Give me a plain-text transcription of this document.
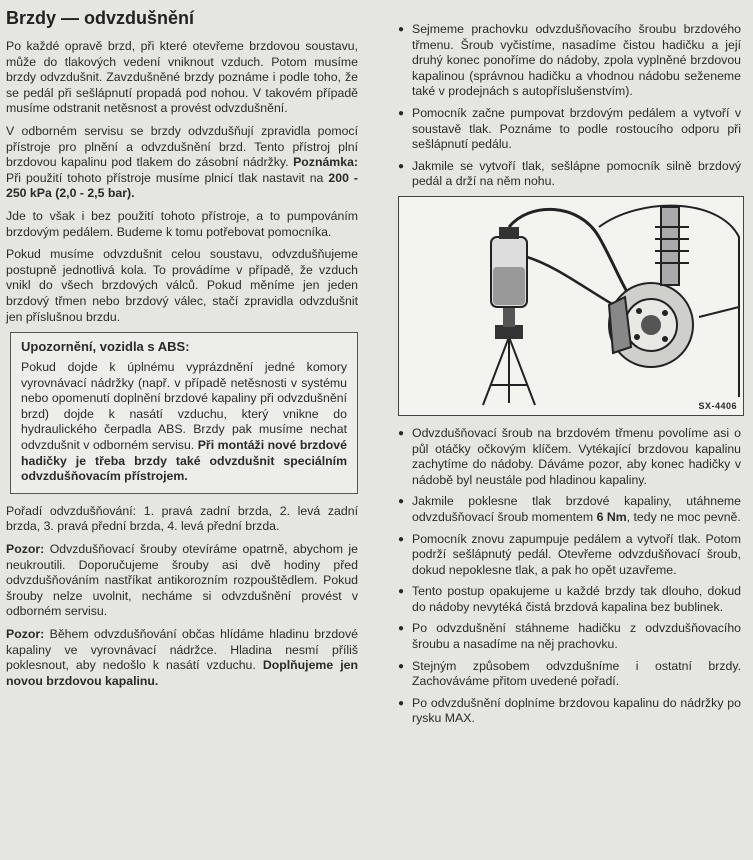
Brzdy — odvzdušnění

Po každé opravě brzd, při které otevřeme brzdovou soustavu, může do tlakových vedení vniknout vzduch. Potom musíme brzdy odvzdušnit. Zavzdušněné brzdy poznáme i podle toho, že se pedál při sešlápnutí propadá pod nohou. V takovém případě musíme odstranit netěsnost a provést odvzdušnění.

V odborném servisu se brzdy odvzdušňují zpravidla pomocí přístroje pro plnění a odvzdušnění brzd. Tento přístroj plní brzdovou kapalinu pod tlakem do zásobní nádržky. Poznámka: Při použití tohoto přístroje musíme plnicí tlak nastavit na 200 - 250 kPa (2,0 - 2,5 bar).

Jde to však i bez použití tohoto přístroje, a to pumpováním brzdovým pedálem. Budeme k tomu potřebovat pomocníka.

Pokud musíme odvzdušnit celou soustavu, odvzdušňujeme postupně jednotlivá kola. To provádíme v případě, že vzduch vnikl do všech brzdových válců. Pokud měníme jen jeden brzdový třmen nebo brzdový válec, stačí zpravidla odvzdušnit jen příslušnou brzdu.

Upozornění, vozidla s ABS:

Pokud dojde k úplnému vyprázdnění jedné komory vyrovnávací nádržky (např. v případě netěsnosti v systému nebo opomenutí doplnění brzdové kapaliny při odvzdušnění brzd) dojde k nasátí vzduchu, který vnikne do hydraulického čerpadla ABS. Brzdy pak musíme nechat odvzdušnit v odborném servisu. Při montáži nové brzdové hadičky je třeba brzdy také odvzdušnit speciálním odvzdušňovacím přístrojem.

Pořadí odvzdušňování: 1. pravá zadní brzda, 2. levá zadní brzda, 3. pravá přední brzda, 4. levá přední brzda.

Pozor: Odvzdušňovací šrouby otevíráme opatrně, abychom je neukroutili. Doporučujeme šrouby asi dvě hodiny před odvzdušňováním nastříkat antikorozním rozpouštědlem. Pokud šrouby nelze uvolnit, necháme si odvzdušnění provést v odborném servisu.

Pozor: Během odvzdušňování občas hlídáme hladinu brzdové kapaliny ve vyrovnávací nádržce. Hladina nesmí příliš poklesnout, aby nedošlo k nasátí vzduchu. Doplňujeme jen novou brzdovou kapalinu.

● Sejmeme prachovku odvzdušňovacího šroubu brzdového třmenu. Šroub vyčistíme, nasadíme čistou hadičku a její druhý konec ponoříme do nádoby, zpola vyplněné brzdovou kapalinou (správnou hadičku a vhodnou nádobu seženeme také v prodejnách s autopříslušenstvím).
● Pomocník začne pumpovat brzdovým pedálem a vytvoří v soustavě tlak. Poznáme to podle rostoucího odporu při sešlápnutí pedálu.
● Jakmile se vytvoří tlak, sešlápne pomocník silně brzdový pedál a drží na něm nohu.
SX-4406
● Odvzdušňovací šroub na brzdovém třmenu povolíme asi o půl otáčky očkovým klíčem. Vytékající brzdovou kapalinu zachytíme do nádoby. Dáváme pozor, aby konec hadičky v nádobě byl neustále pod hladinou kapaliny.
● Jakmile poklesne tlak brzdové kapaliny, utáhneme odvzdušňovací šroub momentem 6 Nm, tedy ne moc pevně.
● Pomocník znovu zapumpuje pedálem a vytvoří tlak. Potom podrží sešlápnutý pedál. Otevřeme odvzdušňovací šroub, dokud nepoklesne tlak, a pak ho opět uzavřeme.
● Tento postup opakujeme u každé brzdy tak dlouho, dokud do nádoby nevytéká čistá brzdová kapalina bez bublinek.
● Po odvzdušnění stáhneme hadičku z odvzdušňovacího šroubu a nasadíme na něj prachovku.
● Stejným způsobem odvzdušníme i ostatní brzdy. Zachováváme přitom uvedené pořadí.
● Po odvzdušnění doplníme brzdovou kapalinu do nádržky po rysku MAX.
